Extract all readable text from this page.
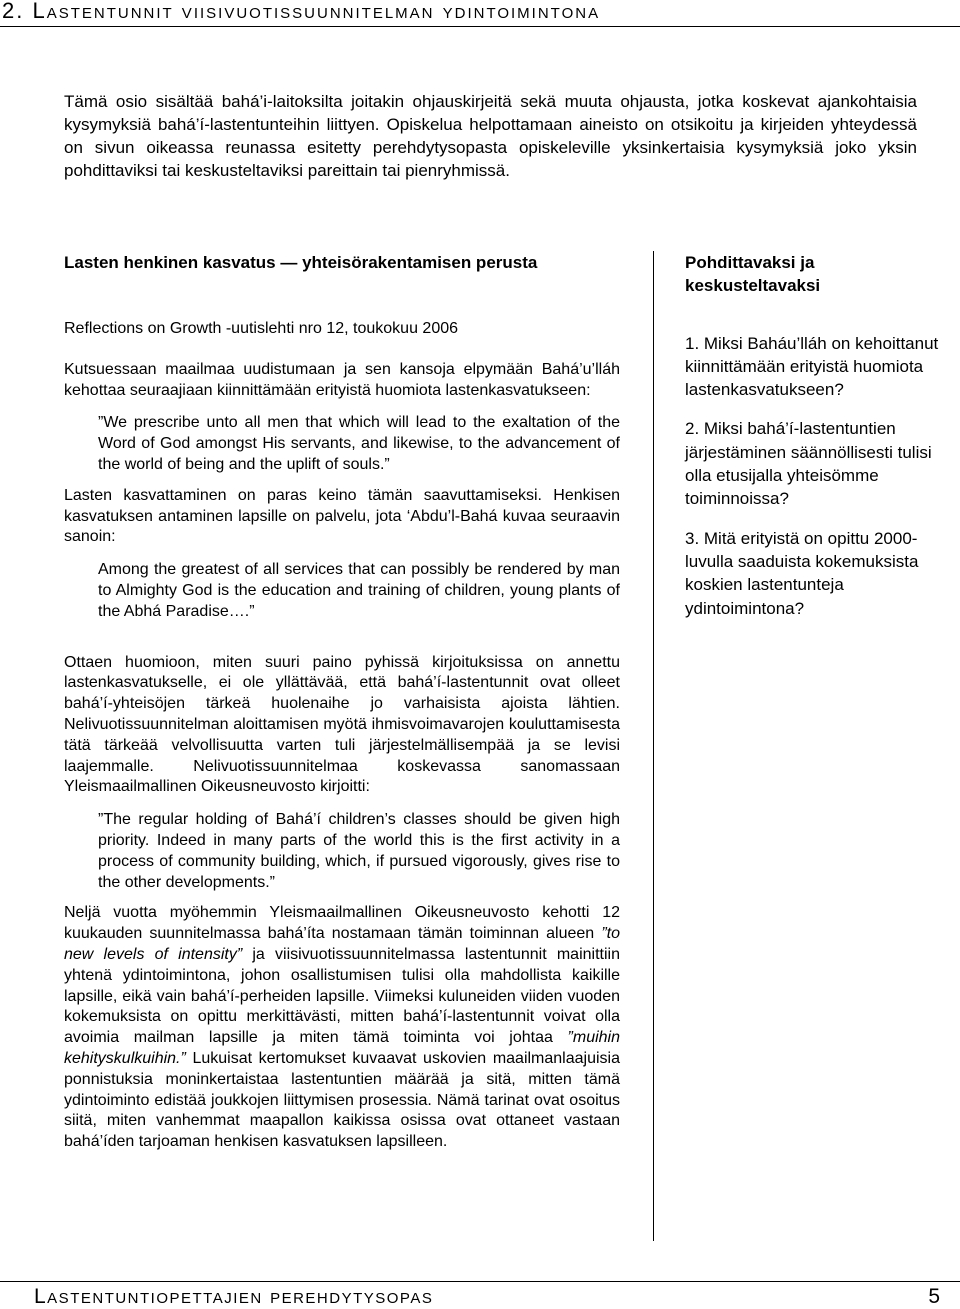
2. Lastentunnit viisivuotissuunnitelman ydintoimintona

Tämä osio sisältää bahá’i-laitoksilta joitakin ohjauskirjeitä sekä muuta ohjausta, jotka koskevat ajankohtaisia kysymyksiä bahá’í-lastentunteihin liittyen. Opiskelua helpottamaan aineisto on otsikoitu ja kirjeiden yhteydessä on sivun oikeassa reunassa esitetty perehdytysopasta opiskeleville yksinkertaisia kysymyksiä joko yksin pohdittaviksi tai keskusteltaviksi pareittain tai pienryhmissä.

Lasten henkinen kasvatus — yhteisörakentamisen perusta

Reflections on Growth -uutislehti nro 12, toukokuu 2006

Kutsuessaan maailmaa uudistumaan ja sen kansoja elpymään Bahá’u’lláh kehottaa seuraajiaan kiinnittämään erityistä huomiota lastenkasvatukseen:

”We prescribe unto all men that which will lead to the exaltation of the Word of God amongst His servants, and likewise, to the advancement of the world of being and the uplift of souls.”

Lasten kasvattaminen on paras keino tämän saavuttamiseksi. Henkisen kasvatuksen antaminen lapsille on palvelu, jota ‘Abdu’l-Bahá kuvaa seuraavin sanoin:

Among the greatest of all services that can possibly be rendered by man to Almighty God is the education and training of children, young plants of the Abhá Paradise….”

Ottaen huomioon, miten suuri paino pyhissä kirjoituksissa on annettu lastenkasvatukselle, ei ole yllättävää, että bahá’í-lastentunnit ovat olleet bahá’í-yhteisöjen tärkeä huolenaihe jo varhaisista ajoista lähtien. Nelivuotissuunnitelman aloittamisen myötä ihmisvoimavarojen kouluttamisesta tätä tärkeää velvollisuutta varten tuli järjestelmällisempää ja se levisi laajemmalle. Nelivuotissuunnitelmaa koskevassa sanomassaan Yleismaailmallinen Oikeusneuvosto kirjoitti:

”The regular holding of Bahá’í children’s classes should be given high priority. Indeed in many parts of the world this is the first activity in a process of community building, which, if pursued vigorously, gives rise to the other developments.”

Neljä vuotta myöhemmin Yleismaailmallinen Oikeusneuvosto kehotti 12 kuukauden suunnitelmassa bahá’íta nostamaan tämän toiminnan alueen ”to new levels of intensity” ja viisivuotissuunnitelmassa lastentunnit mainittiin yhtenä ydintoimintona, johon osallistumisen tulisi olla mahdollista kaikille lapsille, eikä vain bahá’í-perheiden lapsille. Viimeksi kuluneiden viiden vuoden kokemuksista on opittu merkittävästi, mitten bahá’í-lastentunnit voivat olla avoimia mailman lapsille ja miten tämä toiminta voi johtaa ”muihin kehityskulkuihin.” Lukuisat kertomukset kuvaavat uskovien maailmanlaajuisia ponnistuksia moninkertaistaa lastentuntien määrää ja sitä, mitten tämä ydintoiminto edistää joukkojen liittymisen prosessia. Nämä tarinat ovat osoitus siitä, miten vanhemmat maapallon kaikissa osissa ovat ottaneet vastaan bahá’íden tarjoaman henkisen kasvatuksen lapsilleen.

Pohdittavaksi ja keskusteltavaksi

1. Miksi Baháu’lláh on kehoittanut kiinnittämään erityistä huomiota lastenkasvatukseen?
2. Miksi bahá’í-lastentuntien järjestäminen säännöllisesti tulisi olla etusijalla yhteisömme toiminnoissa?
3. Mitä erityistä on opittu 2000-luvulla saaduista kokemuksista koskien lastentunteja ydintoimintona?
Lastentuntiopettajien perehdytysopas	5
